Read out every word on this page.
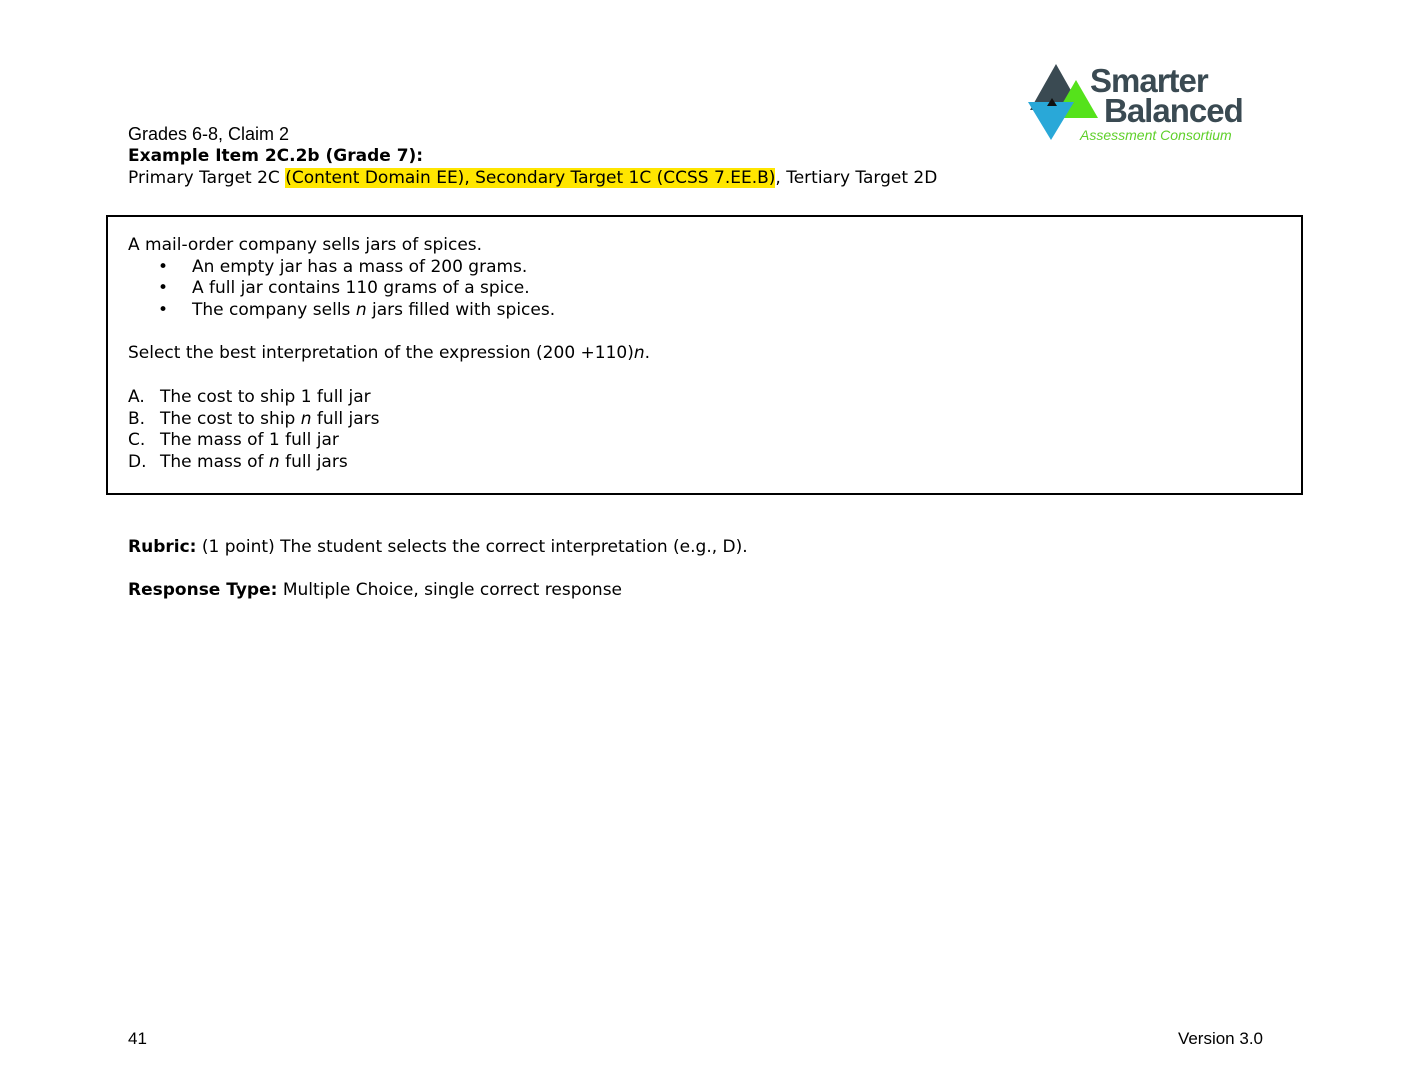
Smarter
Balanced
Assessment Consortium
Grades 6-8, Claim 2
Example Item 2C.2b (Grade 7):
Primary Target 2C (Content Domain EE), Secondary Target 1C (CCSS 7.EE.B), Tertiary Target 2D
A mail-order company sells jars of spices.
• An empty jar has a mass of 200 grams.
• A full jar contains 110 grams of a spice.
• The company sells n jars filled with spices.
Select the best interpretation of the expression (200 +110)n.
A. The cost to ship 1 full jar
B. The cost to ship n full jars
C. The mass of 1 full jar
D. The mass of n full jars
Rubric: (1 point) The student selects the correct interpretation (e.g., D).
Response Type: Multiple Choice, single correct response
41	Version 3.0
